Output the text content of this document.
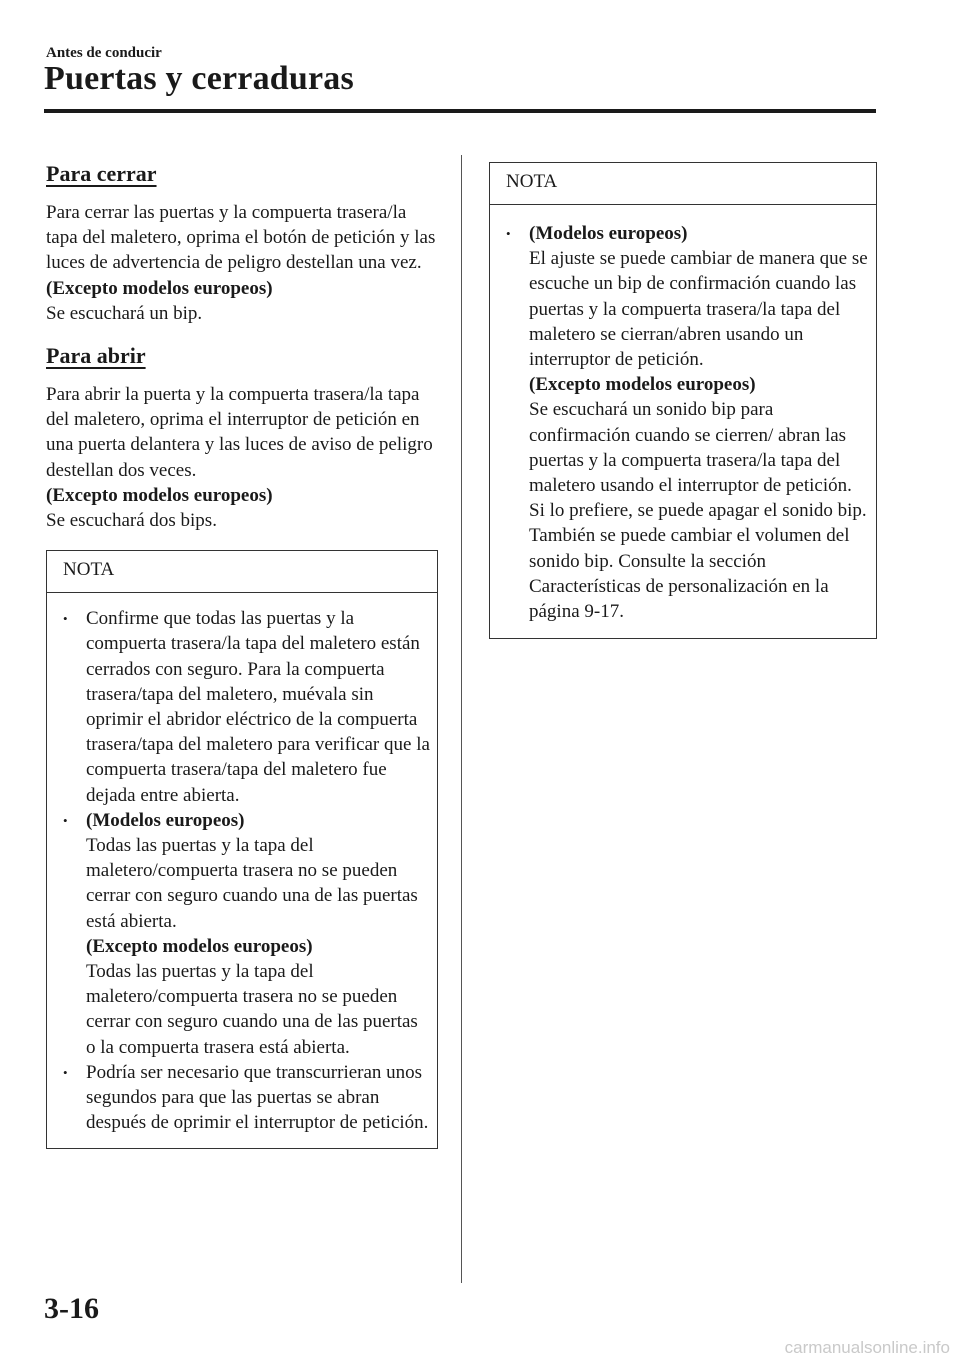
Antes de conducir
Puertas y cerraduras
Para cerrar

Para cerrar las puertas y la compuerta trasera/la tapa del maletero, oprima el botón de petición y las luces de advertencia de peligro destellan una vez.
(Excepto modelos europeos)
Se escuchará un bip.

Para abrir

Para abrir la puerta y la compuerta trasera/la tapa del maletero, oprima el interruptor de petición en una puerta delantera y las luces de aviso de peligro destellan dos veces.
(Excepto modelos europeos)
Se escuchará dos bips.

NOTA
• Confirme que todas las puertas y la compuerta trasera/la tapa del maletero están cerrados con seguro. Para la compuerta trasera/tapa del maletero, muévala sin oprimir el abridor eléctrico de la compuerta trasera/tapa del maletero para verificar que la compuerta trasera/tapa del maletero fue dejada entre abierta.
• (Modelos europeos)
Todas las puertas y la tapa del maletero/compuerta trasera no se pueden cerrar con seguro cuando una de las puertas está abierta.
(Excepto modelos europeos)
Todas las puertas y la tapa del maletero/compuerta trasera no se pueden cerrar con seguro cuando una de las puertas o la compuerta trasera está abierta.
• Podría ser necesario que transcurrieran unos segundos para que las puertas se abran después de oprimir el interruptor de petición.
NOTA
• (Modelos europeos)
El ajuste se puede cambiar de manera que se escuche un bip de confirmación cuando las puertas y la compuerta trasera/la tapa del maletero se cierran/abren usando un interruptor de petición.
(Excepto modelos europeos)
Se escuchará un sonido bip para confirmación cuando se cierren/ abran las puertas y la compuerta trasera/la tapa del maletero usando el interruptor de petición. Si lo prefiere, se puede apagar el sonido bip. También se puede cambiar el volumen del sonido bip. Consulte la sección Características de personalización en la página 9-17.
3-16
carmanualsonline.info
